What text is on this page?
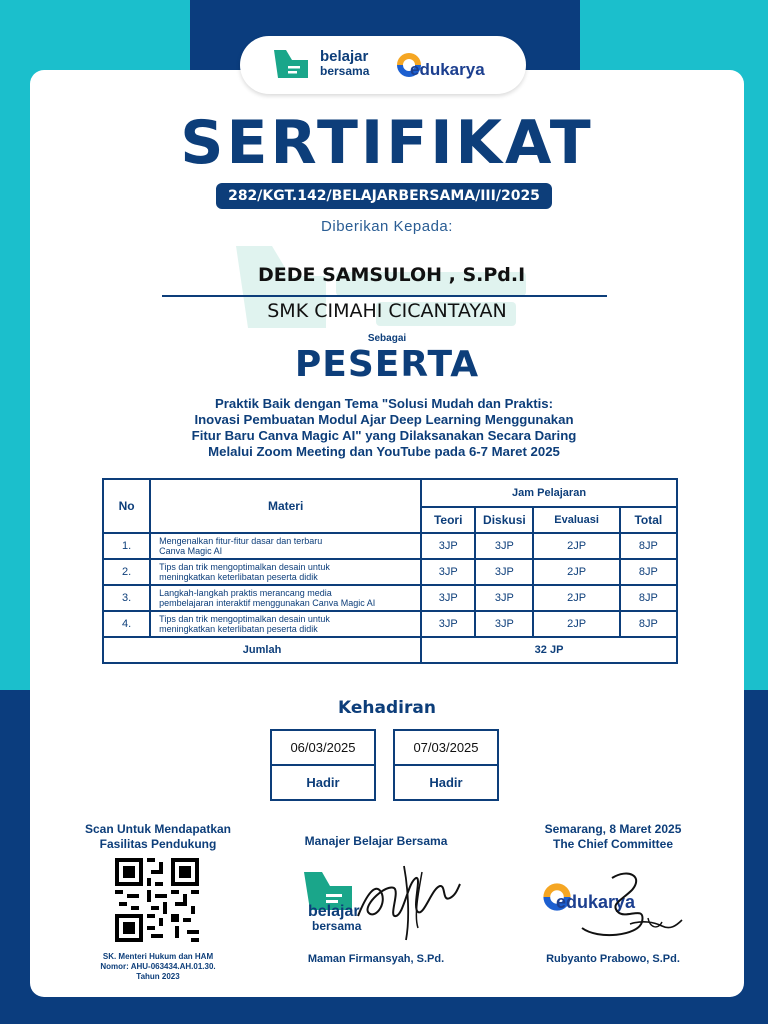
belajar
bersama edukarya
SERTIFIKAT
282/KGT.142/BELAJARBERSAMA/III/2025
Diberikan Kepada:
DEDE SAMSULOH , S.Pd.I
SMK CIMAHI CICANTAYAN
Sebagai
PESERTA
Praktik Baik dengan Tema "Solusi Mudah dan Praktis:
Inovasi Pembuatan Modul Ajar Deep Learning Menggunakan
Fitur Baru Canva Magic AI" yang Dilaksanakan Secara Daring
Melalui Zoom Meeting dan YouTube pada 6-7 Maret 2025
No	Materi	Jam Pelajaran			
		Teori	Diskusi	Evaluasi	Total
1.	Mengenalkan fitur-fitur dasar dan terbaru
Canva Magic AI	3JP	3JP	2JP	8JP
2.	Tips dan trik mengoptimalkan desain untuk
meningkatkan keterlibatan peserta didik	3JP	3JP	2JP	8JP
3.	Langkah-langkah praktis merancang media
pembelajaran interaktif menggunakan Canva Magic AI	3JP	3JP	2JP	8JP
4.	Tips dan trik mengoptimalkan desain untuk
meningkatkan keterlibatan peserta didik	3JP	3JP	2JP	8JP
Jumlah		32 JP			
Kehadiran
06/03/2025
Hadir
07/03/2025
Hadir
Scan Untuk Mendapatkan
Fasilitas Pendukung
SK. Menteri Hukum dan HAM
Nomor: AHU-063434.AH.01.30.
Tahun 2023
Manajer Belajar Bersama
belajar
bersama
Maman Firmansyah, S.Pd.
Semarang, 8 Maret 2025
The Chief Committee
edukarya
Rubyanto Prabowo, S.Pd.
